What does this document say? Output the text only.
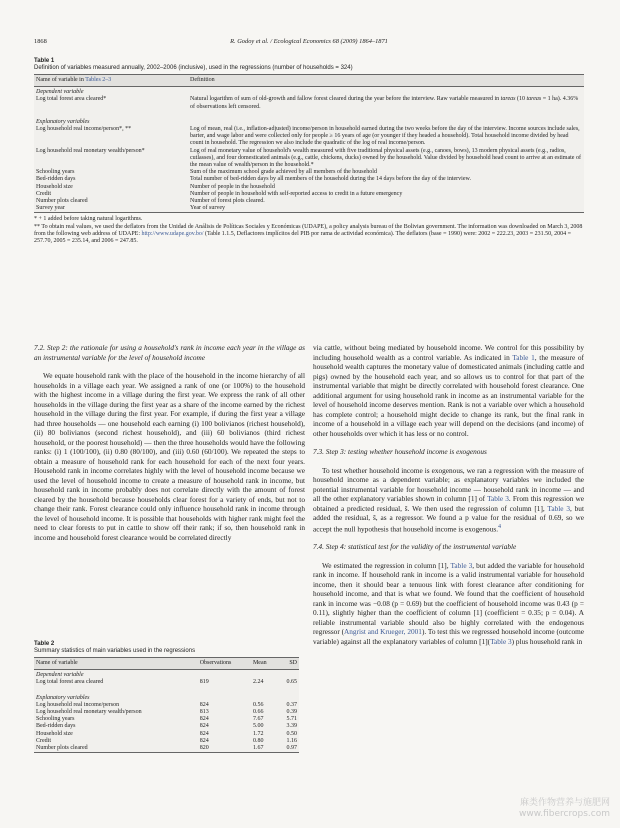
1868	R. Godoy et al. / Ecological Economics 68 (2009) 1864–1871
Table 1
Definition of variables measured annually, 2002–2006 (inclusive), used in the regressions (number of households = 324)
Name of variable in Tables 2–3	Definition
Dependent variable	
Log total forest area cleared*	Natural logarithm of sum of old-growth and fallow forest cleared during the year before the interview. Raw variable measured in tareas (10 tareas = 1 ha). 4.36% of observations left censored.

Explanatory variables	
Log household real income/person*, **	Log of mean, real (i.e., inflation-adjusted) income/person in household earned during the two weeks before the day of the interview. Income sources include sales, barter, and wage labor and were collected only for people ≥ 16 years of age (or younger if they headed a household). Total household income divided by head count in household. The regression we also include the quadratic of the log of real income/person.
Log household real monetary wealth/person*	Log of real monetary value of household's wealth measured with five traditional physical assets (e.g., canoes, bows), 13 modern physical assets (e.g., radios, cutlasses), and four domesticated animals (e.g., cattle, chickens, ducks) owned by the household. Value divided by household head count to arrive at an estimate of the mean value of wealth/person in the household.*
Schooling years	Sum of the maximum school grade achieved by all members of the household
Bed-ridden days	Total number of bed-ridden days by all members of the household during the 14 days before the day of the interview.
Household size	Number of people in the household
Credit	Number of people in household with self-reported access to credit in a future emergency
Number plots cleared	Number of forest plots cleared.
Survey year	Year of survey
* + 1 added before taking natural logarithms.
** To obtain real values, we used the deflators from the Unidad de Análisis de Políticas Sociales y Económicas (UDAPE), a policy analysis bureau of the Bolivian government. The information was downloaded on March 3, 2008 from the following web address of UDAPE: http://www.udape.gov.bo/ (Table 1.1.5, Deflactores implícitos del PIB por rama de actividad económica). The deflators (base = 1990) were: 2002 = 222.23, 2003 = 231.50, 2004 = 257.70, 2005 = 235.14, and 2006 = 247.85.
7.2. Step 2: the rationale for using a household's rank in income each year in the village as an instrumental variable for the level of household income

We equate household rank with the place of the household in the income hierarchy of all households in a village each year. We assigned a rank of one (or 100%) to the household with the highest income in a village during the first year. We express the rank of all other households in the village during the first year as a share of the income earned by the richest household in the village during the first year. For example, if during the first year a village had three households — one household each earning (i) 100 bolivianos (richest household), (ii) 80 bolivianos (second richest household), and (iii) 60 bolivianos (third richest household, or the poorest household) — then the three households would have the following ranks: (i) 1 (100/100), (ii) 0.80 (80/100), and (iii) 0.60 (60/100). We repeated the steps to obtain a measure of household rank for each household for each of the next four years. Household rank in income correlates highly with the level of household income because we used the level of household income to create a measure of household rank in income, but household rank in income probably does not correlate directly with the amount of forest cleared by the household because households clear forest for a variety of ends, but not to change their rank. Forest clearance could only influence household rank in income through the level of household income. It is possible that households with higher rank might feel the need to clear forests to put in cattle to show off their rank; if so, then household rank in income and household forest clearance would be correlated directly

via cattle, without being mediated by household income. We control for this possibility by including household wealth as a control variable. As indicated in Table 1, the measure of household wealth captures the monetary value of domesticated animals (including cattle and pigs) owned by the household each year, and so allows us to control for that part of the instrumental variable that might be directly correlated with household forest clearance. One additional argument for using household rank in income as an instrumental variable for the level of household income deserves mention. Rank is not a variable over which a household has complete control; a household might decide to change its rank, but the final rank in income of a household in a village each year will depend on the decisions (and income) of other households over which it has less or no control.

7.3. Step 3: testing whether household income is exogenous

To test whether household income is exogenous, we ran a regression with the measure of household income as a dependent variable; as explanatory variables we included the potential instrumental variable for household income — household rank in income — and all the other explanatory variables shown in column [1] of Table 3. From this regression we obtained a predicted residual, ŝ. We then used the regression of column [1], Table 3, but added the residual, ŝ, as a regressor. We found a p value for the residual of 0.69, so we accept the null hypothesis that household income is exogenous.$^4$

7.4. Step 4: statistical test for the validity of the instrumental variable

We estimated the regression in column [1], Table 3, but added the variable for household rank in income. If household rank in income is a valid instrumental variable for household income, then it should bear a tenuous link with forest clearance after conditioning for household income, and that is what we found. We found that the coefficient of household rank in income was −0.08 (p = 0.69) but the coefficient of household income was 0.43 (p = 0.11), slightly higher than the coefficient of column [1] (coefficient = 0.35; p = 0.04). A reliable instrumental variable should also be highly correlated with the endogenous regressor (Angrist and Krueger, 2001). To test this we regressed household income (outcome variable) against all the explanatory variables of column [1](Table 3) plus household rank in

Table 2
Summary statistics of main variables used in the regressions
Name of variable	Observations	Mean	SD
Dependent variable			
Log total forest area cleared	819	2.24	0.65

Explanatory variables			
Log household real income/person	824	0.56	0.37
Log household real monetary wealth/person	813	0.66	0.39
Schooling years	824	7.67	5.71
Bed-ridden days	824	5.00	3.39
Household size	824	1.72	0.50
Credit	824	0.80	1.16
Number plots cleared	820	1.67	0.97
麻类作物营养与施肥网
www.fibercrops.com
